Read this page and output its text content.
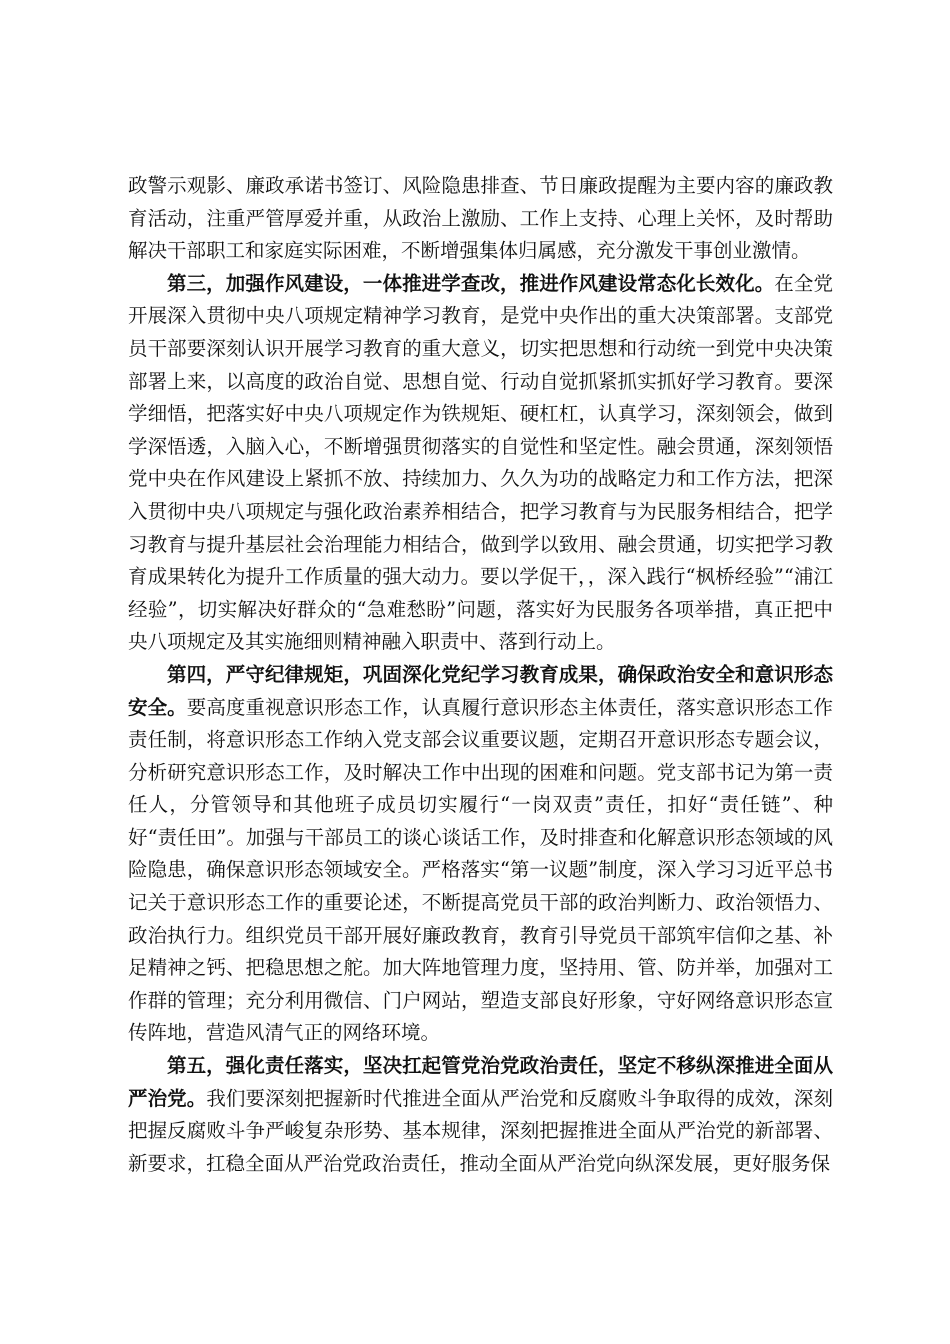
政警示观影、廉政承诺书签订、风险隐患排查、节日廉政提醒为主要内容的廉政教育活动，注重严管厚爱并重，从政治上激励、工作上支持、心理上关怀，及时帮助解决干部职工和家庭实际困难，不断增强集体归属感，充分激发干事创业激情。

第三，加强作风建设，一体推进学查改，推进作风建设常态化长效化。在全党开展深入贯彻中央八项规定精神学习教育，是党中央作出的重大决策部署。支部党员干部要深刻认识开展学习教育的重大意义，切实把思想和行动统一到党中央决策部署上来，以高度的政治自觉、思想自觉、行动自觉抓紧抓实抓好学习教育。要深学细悟，把落实好中央八项规定作为铁规矩、硬杠杠，认真学习，深刻领会，做到学深悟透，入脑入心，不断增强贯彻落实的自觉性和坚定性。融会贯通，深刻领悟党中央在作风建设上紧抓不放、持续加力、久久为功的战略定力和工作方法，把深入贯彻中央八项规定与强化政治素养相结合，把学习教育与为民服务相结合，把学习教育与提升基层社会治理能力相结合，做到学以致用、融会贯通，切实把学习教育成果转化为提升工作质量的强大动力。要以学促干，，深入践行“枫桥经验”“浦江经验”，切实解决好群众的“急难愁盼”问题，落实好为民服务各项举措，真正把中央八项规定及其实施细则精神融入职责中、落到行动上。

第四，严守纪律规矩，巩固深化党纪学习教育成果，确保政治安全和意识形态安全。要高度重视意识形态工作，认真履行意识形态主体责任，落实意识形态工作责任制，将意识形态工作纳入党支部会议重要议题，定期召开意识形态专题会议，分析研究意识形态工作，及时解决工作中出现的困难和问题。党支部书记为第一责任人，分管领导和其他班子成员切实履行“一岗双责”责任，扣好“责任链”、种好“责任田”。加强与干部员工的谈心谈话工作，及时排查和化解意识形态领域的风险隐患，确保意识形态领域安全。严格落实“第一议题”制度，深入学习习近平总书记关于意识形态工作的重要论述，不断提高党员干部的政治判断力、政治领悟力、政治执行力。组织党员干部开展好廉政教育，教育引导党员干部筑牢信仰之基、补足精神之钙、把稳思想之舵。加大阵地管理力度，坚持用、管、防并举，加强对工作群的管理；充分利用微信、门户网站，塑造支部良好形象，守好网络意识形态宣传阵地，营造风清气正的网络环境。

第五，强化责任落实，坚决扛起管党治党政治责任，坚定不移纵深推进全面从严治党。我们要深刻把握新时代推进全面从严治党和反腐败斗争取得的成效，深刻把握反腐败斗争严峻复杂形势、基本规律，深刻把握推进全面从严治党的新部署、新要求，扛稳全面从严治党政治责任，推动全面从严治党向纵深发展，更好服务保
